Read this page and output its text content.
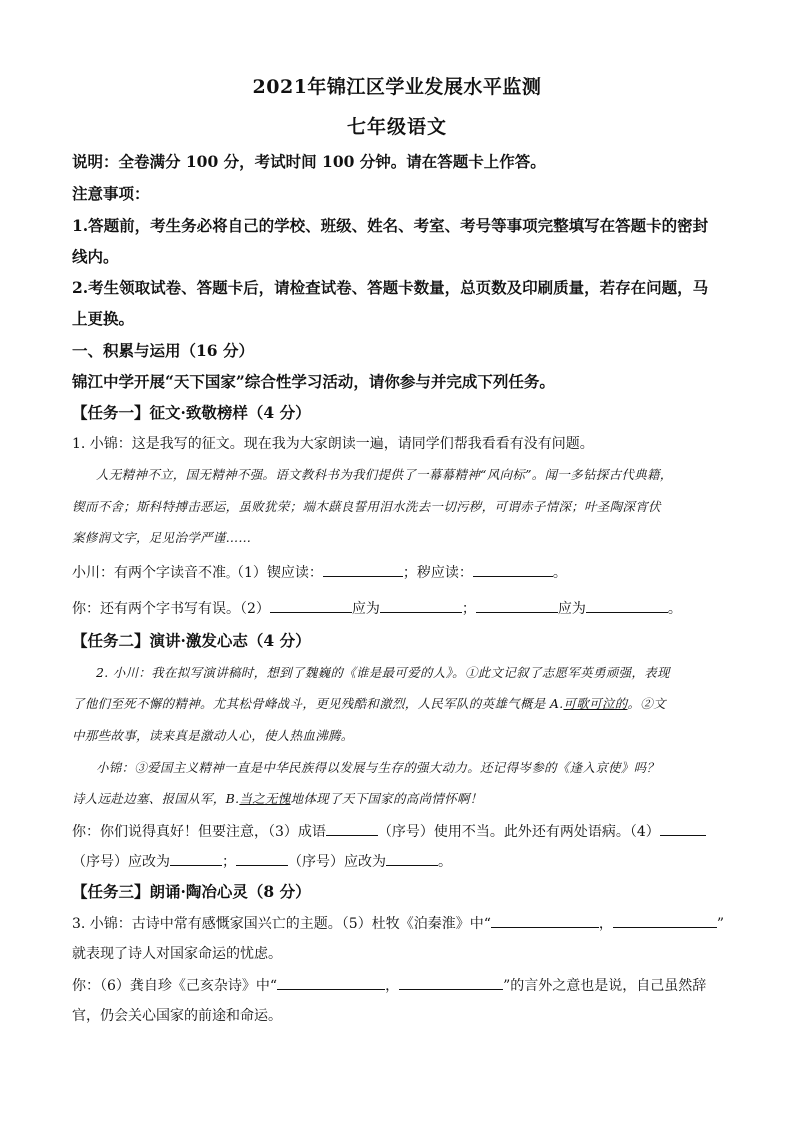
2021年锦江区学业发展水平监测
七年级语文
说明：全卷满分 100 分，考试时间 100 分钟。请在答题卡上作答。
注意事项：
1.答题前，考生务必将自己的学校、班级、姓名、考室、考号等事项完整填写在答题卡的密封
线内。
2.考生领取试卷、答题卡后，请检查试卷、答题卡数量，总页数及印刷质量，若存在问题，马
上更换。
一、积累与运用（16 分）
锦江中学开展“天下国家”综合性学习活动，请你参与并完成下列任务。
【任务一】征文·致敬榜样（4 分）
1. 小锦：这是我写的征文。现在我为大家朗读一遍，请同学们帮我看看有没有问题。
人无精神不立，国无精神不强。语文教科书为我们提供了一幕幕精神“风向标”。闻一多钻探古代典籍，
锲而不舍；斯科特搏击恶运，虽败犹荣；端木蕻良誓用泪水洗去一切污秽，可谓赤子情深；叶圣陶深宵伏
案修润文字，足见治学严谨……
小川：有两个字读音不准。（1）锲应读：	；秽应读：	。
你：还有两个字书写有误。（2）	应为	；	应为	。
【任务二】演讲·激发心志（4 分）
2. 小川：我在拟写演讲稿时，想到了魏巍的《谁是最可爱的人》。①此文记叙了志愿军英勇顽强，表现
了他们至死不懈的精神。尤其松骨峰战斗，更见残酷和激烈，人民军队的英雄气概是 A.可歌可泣的。②文
中那些故事，读来真是激动人心，使人热血沸腾。
小锦：③爱国主义精神一直是中华民族得以发展与生存的强大动力。还记得岑参的《逢入京使》吗？
诗人远赴边塞、报国从军，B.当之无愧地体现了天下国家的高尚情怀啊！
你：你们说得真好！但要注意，（3）成语	（序号）使用不当。此外还有两处语病。（4）
（序号）应改为	；	（序号）应改为	。
【任务三】朗诵·陶冶心灵（8 分）
3. 小锦：古诗中常有感慨家国兴亡的主题。（5）杜牧《泊秦淮》中“	，	”
就表现了诗人对国家命运的忧虑。
你：（6）龚自珍《己亥杂诗》中“	，	”的言外之意也是说，自己虽然辞
官，仍会关心国家的前途和命运。
